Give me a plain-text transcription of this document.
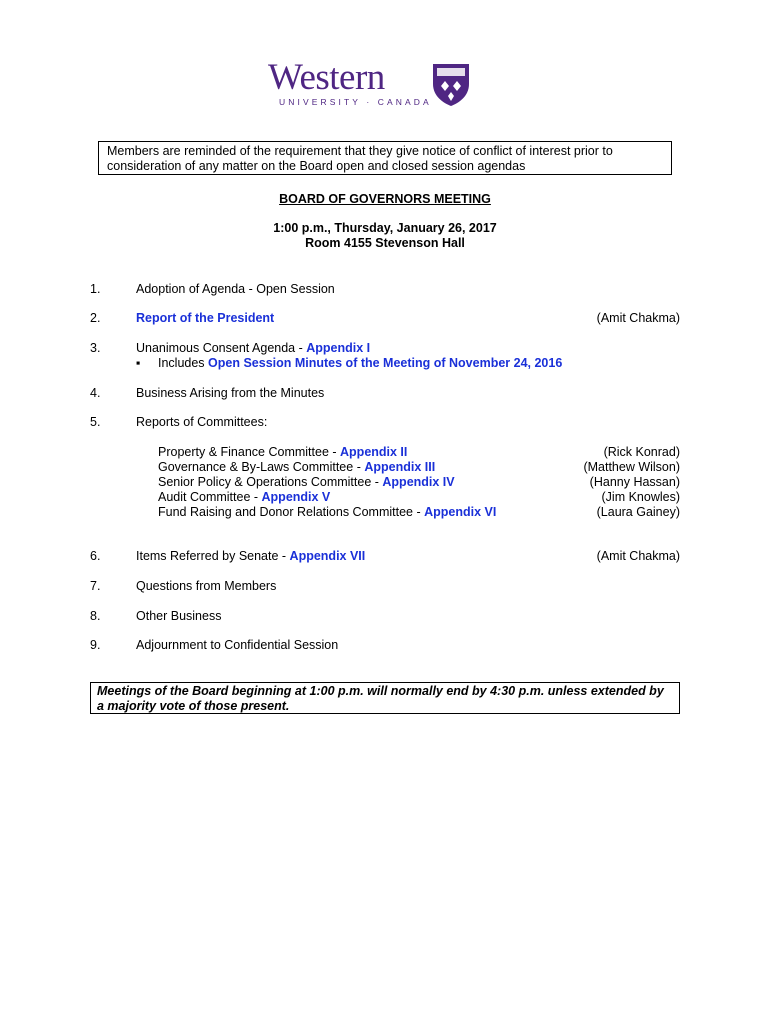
Western
UNIVERSITY · CANADA
Members are reminded of the requirement that they give notice of conflict of interest prior to consideration of any matter on the Board open and closed session agendas
BOARD OF GOVERNORS MEETING
1:00 p.m., Thursday, January 26, 2017
Room 4155 Stevenson Hall
1.	Adoption of Agenda - Open Session
2.	Report of the President	(Amit Chakma)
3.	Unanimous Consent Agenda - Appendix I
▪ Includes Open Session Minutes of the Meeting of November 24, 2016
4.	Business Arising from the Minutes
5.	Reports of Committees:
Property & Finance Committee - Appendix II	(Rick Konrad)
Governance & By-Laws Committee - Appendix III	(Matthew Wilson)
Senior Policy & Operations Committee - Appendix IV	(Hanny Hassan)
Audit Committee - Appendix V	(Jim Knowles)
Fund Raising and Donor Relations Committee - Appendix VI	(Laura Gainey)
6.	Items Referred by Senate - Appendix VII	(Amit Chakma)
7.	Questions from Members
8.	Other Business
9.	Adjournment to Confidential Session
Meetings of the Board beginning at 1:00 p.m. will normally end by 4:30 p.m. unless extended by a majority vote of those present.
